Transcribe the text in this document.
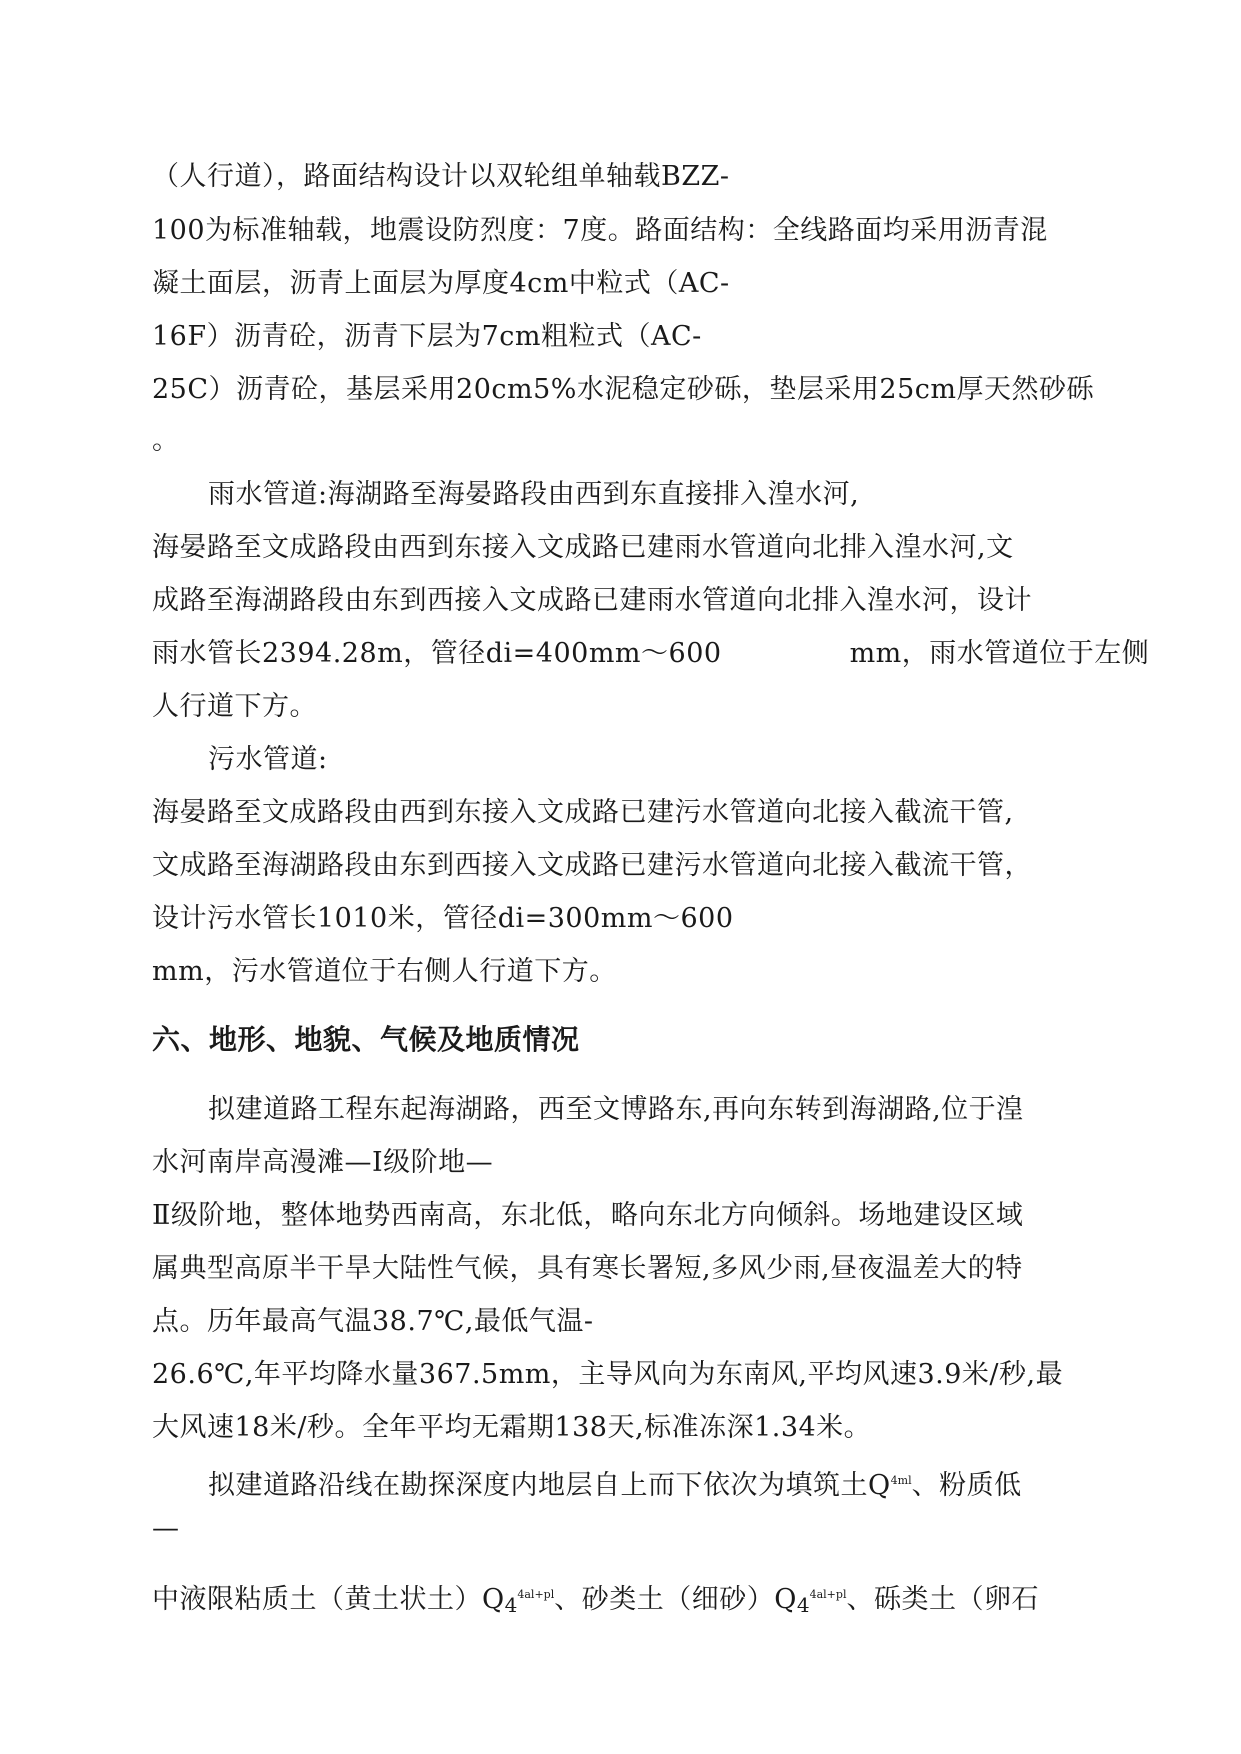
（人行道），路面结构设计以双轮组单轴载BZZ-
100为标准轴载，地震设防烈度：7度。路面结构：全线路面均采用沥青混
凝土面层，沥青上面层为厚度4cm中粒式（AC-
16F）沥青砼，沥青下层为7cm粗粒式（AC-
25C）沥青砼，基层采用20cm5%水泥稳定砂砾，垫层采用25cm厚天然砂砾
。
雨水管道:海湖路至海晏路段由西到东直接排入湟水河,
海晏路至文成路段由西到东接入文成路已建雨水管道向北排入湟水河,文
成路至海湖路段由东到西接入文成路已建雨水管道向北排入湟水河，设计
雨水管长2394.28m，管径di=400mm～600	mm，雨水管道位于左侧
人行道下方。
污水管道:
海晏路至文成路段由西到东接入文成路已建污水管道向北接入截流干管,
文成路至海湖路段由东到西接入文成路已建污水管道向北接入截流干管，
设计污水管长1010米，管径di=300mm～600
mm，污水管道位于右侧人行道下方。
六、地形、地貌、气候及地质情况
拟建道路工程东起海湖路，西至文博路东,再向东转到海湖路,位于湟
水河南岸高漫滩—Ⅰ级阶地—
Ⅱ级阶地，整体地势西南高，东北低，略向东北方向倾斜。场地建设区域
属典型高原半干旱大陆性气候，具有寒长署短,多风少雨,昼夜温差大的特
点。历年最高气温38.7℃,最低气温-
26.6℃,年平均降水量367.5mm，主导风向为东南风,平均风速3.9米/秒,最
大风速18米/秒。全年平均无霜期138天,标准冻深1.34米。
拟建道路沿线在勘探深度内地层自上而下依次为填筑土$Q^{4ml}$、粉质低
—
中液限粘质土（黄土状土）$Q_4^{4al+pl}$、砂类土（细砂）$Q_4^{4al+pl}$、砾类土（卵石
